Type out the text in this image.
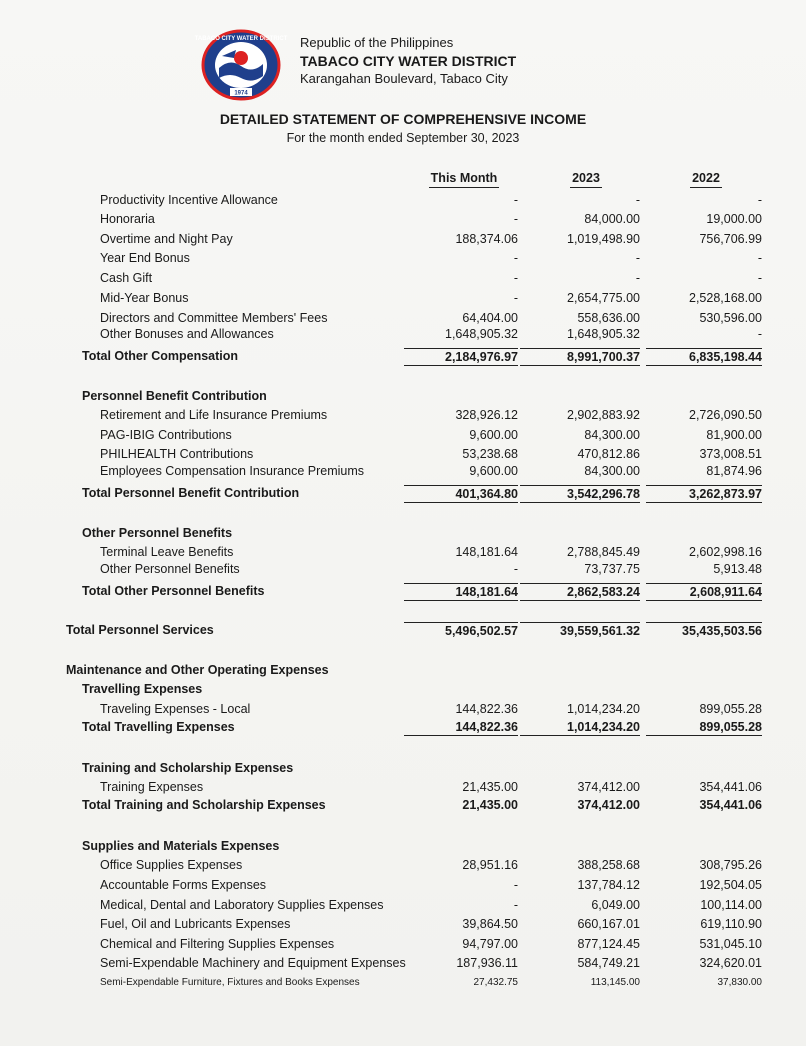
TABACO CITY WATER DISTRICT
1974
Republic of the Philippines
TABACO CITY WATER DISTRICT
Karangahan Boulevard, Tabaco City
DETAILED STATEMENT OF COMPREHENSIVE INCOME
For the month ended September 30, 2023
This Month	2023	2022
Productivity Incentive Allowance	-	-	-
Honoraria	-	84,000.00	19,000.00
Overtime and Night Pay	188,374.06	1,019,498.90	756,706.99
Year End Bonus	-	-	-
Cash Gift	-	-	-
Mid-Year Bonus	-	2,654,775.00	2,528,168.00
Directors and Committee Members' Fees	64,404.00	558,636.00	530,596.00
Other Bonuses and Allowances	1,648,905.32	1,648,905.32	-
Total Other Compensation	2,184,976.97	8,991,700.37	6,835,198.44
Personnel Benefit Contribution
Retirement and Life Insurance Premiums	328,926.12	2,902,883.92	2,726,090.50
PAG-IBIG Contributions	9,600.00	84,300.00	81,900.00
PHILHEALTH Contributions	53,238.68	470,812.86	373,008.51
Employees Compensation Insurance Premiums	9,600.00	84,300.00	81,874.96
Total Personnel Benefit Contribution	401,364.80	3,542,296.78	3,262,873.97
Other Personnel Benefits
Terminal Leave Benefits	148,181.64	2,788,845.49	2,602,998.16
Other Personnel Benefits	-	73,737.75	5,913.48
Total Other Personnel Benefits	148,181.64	2,862,583.24	2,608,911.64
Total Personnel Services	5,496,502.57	39,559,561.32	35,435,503.56
Maintenance and Other Operating Expenses
Travelling Expenses
Traveling Expenses - Local	144,822.36	1,014,234.20	899,055.28
Total Travelling Expenses	144,822.36	1,014,234.20	899,055.28
Training and Scholarship Expenses
Training Expenses	21,435.00	374,412.00	354,441.06
Total Training and Scholarship Expenses	21,435.00	374,412.00	354,441.06
Supplies and Materials Expenses
Office Supplies Expenses	28,951.16	388,258.68	308,795.26
Accountable Forms Expenses	-	137,784.12	192,504.05
Medical, Dental and Laboratory Supplies Expenses	-	6,049.00	100,114.00
Fuel, Oil and Lubricants Expenses	39,864.50	660,167.01	619,110.90
Chemical and Filtering Supplies Expenses	94,797.00	877,124.45	531,045.10
Semi-Expendable Machinery and Equipment Expenses	187,936.11	584,749.21	324,620.01
Semi-Expendable Furniture, Fixtures and Books Expenses	27,432.75	113,145.00	37,830.00
